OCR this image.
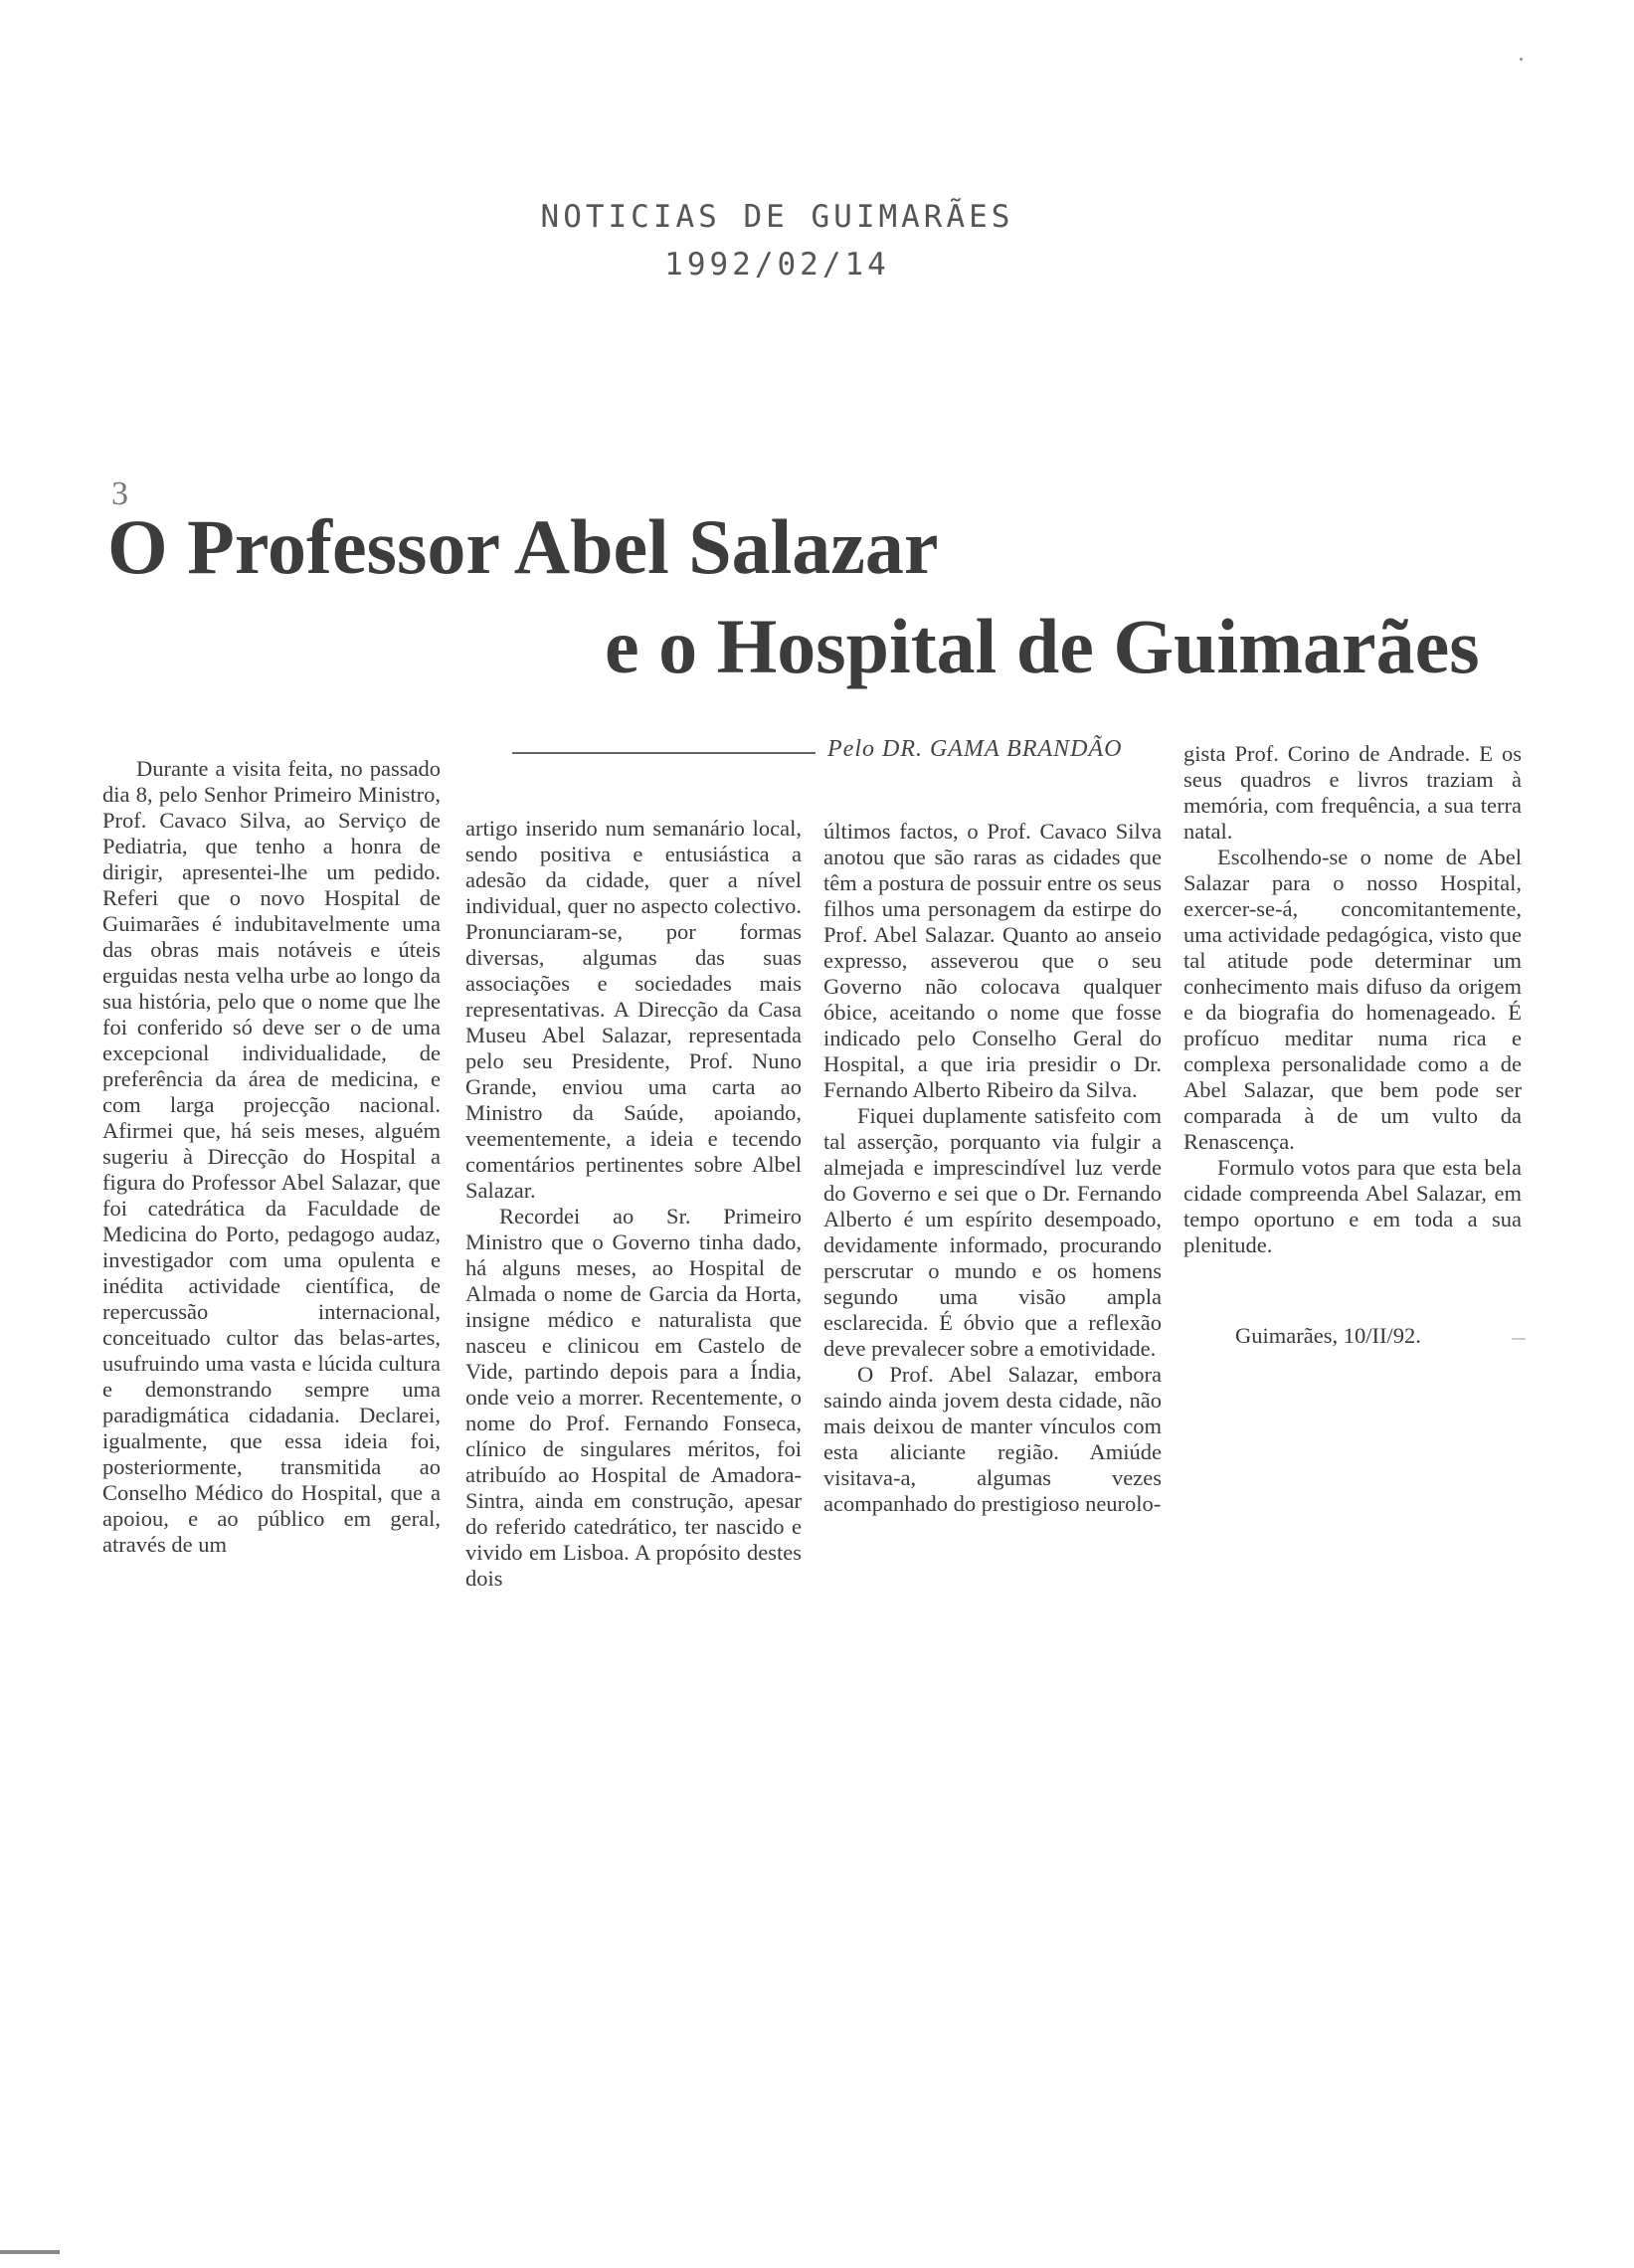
NOTICIAS DE GUIMARÃES
1992/02/14
3
O Professor Abel Salazar
e o Hospital de Guimarães
Pelo DR. GAMA BRANDÃO

Durante a visita feita, no passado dia 8, pelo Senhor Primeiro Ministro, Prof. Cavaco Silva, ao Serviço de Pediatria, que tenho a honra de dirigir, apresentei-lhe um pedido. Referi que o novo Hospital de Guimarães é indubitavelmente uma das obras mais notáveis e úteis erguidas nesta velha urbe ao longo da sua história, pelo que o nome que lhe foi conferido só deve ser o de uma excepcional individualidade, de preferência da área de medicina, e com larga projecção nacional. Afirmei que, há seis meses, alguém sugeriu à Direcção do Hospital a figura do Professor Abel Salazar, que foi catedrática da Faculdade de Medicina do Porto, pedagogo audaz, investigador com uma opulenta e inédita actividade científica, de repercussão internacional, conceituado cultor das belas-artes, usufruindo uma vasta e lúcida cultura e demonstrando sempre uma paradigmática cidadania. Declarei, igualmente, que essa ideia foi, posteriormente, transmitida ao Conselho Médico do Hospital, que a apoiou, e ao público em geral, através de um

artigo inserido num semanário local, sendo positiva e entusiástica a adesão da cidade, quer a nível individual, quer no aspecto colectivo. Pronunciaram-se, por formas diversas, algumas das suas associações e sociedades mais representativas. A Direcção da Casa Museu Abel Salazar, representada pelo seu Presidente, Prof. Nuno Grande, enviou uma carta ao Ministro da Saúde, apoiando, veementemente, a ideia e tecendo comentários pertinentes sobre Albel Salazar.

Recordei ao Sr. Primeiro Ministro que o Governo tinha dado, há alguns meses, ao Hospital de Almada o nome de Garcia da Horta, insigne médico e naturalista que nasceu e clinicou em Castelo de Vide, partindo depois para a Índia, onde veio a morrer. Recentemente, o nome do Prof. Fernando Fonseca, clínico de singulares méritos, foi atribuído ao Hospital de Amadora-Sintra, ainda em construção, apesar do referido catedrático, ter nascido e vivido em Lisboa. A propósito destes dois

últimos factos, o Prof. Cavaco Silva anotou que são raras as cidades que têm a postura de possuir entre os seus filhos uma personagem da estirpe do Prof. Abel Salazar. Quanto ao anseio expresso, asseverou que o seu Governo não colocava qualquer óbice, aceitando o nome que fosse indicado pelo Conselho Geral do Hospital, a que iria presidir o Dr. Fernando Alberto Ribeiro da Silva.

Fiquei duplamente satisfeito com tal asserção, porquanto via fulgir a almejada e imprescindível luz verde do Governo e sei que o Dr. Fernando Alberto é um espírito desempoado, devidamente informado, procurando perscrutar o mundo e os homens segundo uma visão ampla esclarecida. É óbvio que a reflexão deve prevalecer sobre a emotividade.

O Prof. Abel Salazar, embora saindo ainda jovem desta cidade, não mais deixou de manter vínculos com esta aliciante região. Amiúde visitava-a, algumas vezes acompanhado do prestigioso neurolo-

gista Prof. Corino de Andrade. E os seus quadros e livros traziam à memória, com frequência, a sua terra natal.

Escolhendo-se o nome de Abel Salazar para o nosso Hospital, exercer-se-á, concomitantemente, uma actividade pedagógica, visto que tal atitude pode determinar um conhecimento mais difuso da origem e da biografia do homenageado. É profícuo meditar numa rica e complexa personalidade como a de Abel Salazar, que bem pode ser comparada à de um vulto da Renascença.

Formulo votos para que esta bela cidade compreenda Abel Salazar, em tempo oportuno e em toda a sua plenitude.

Guimarães, 10/II/92.
